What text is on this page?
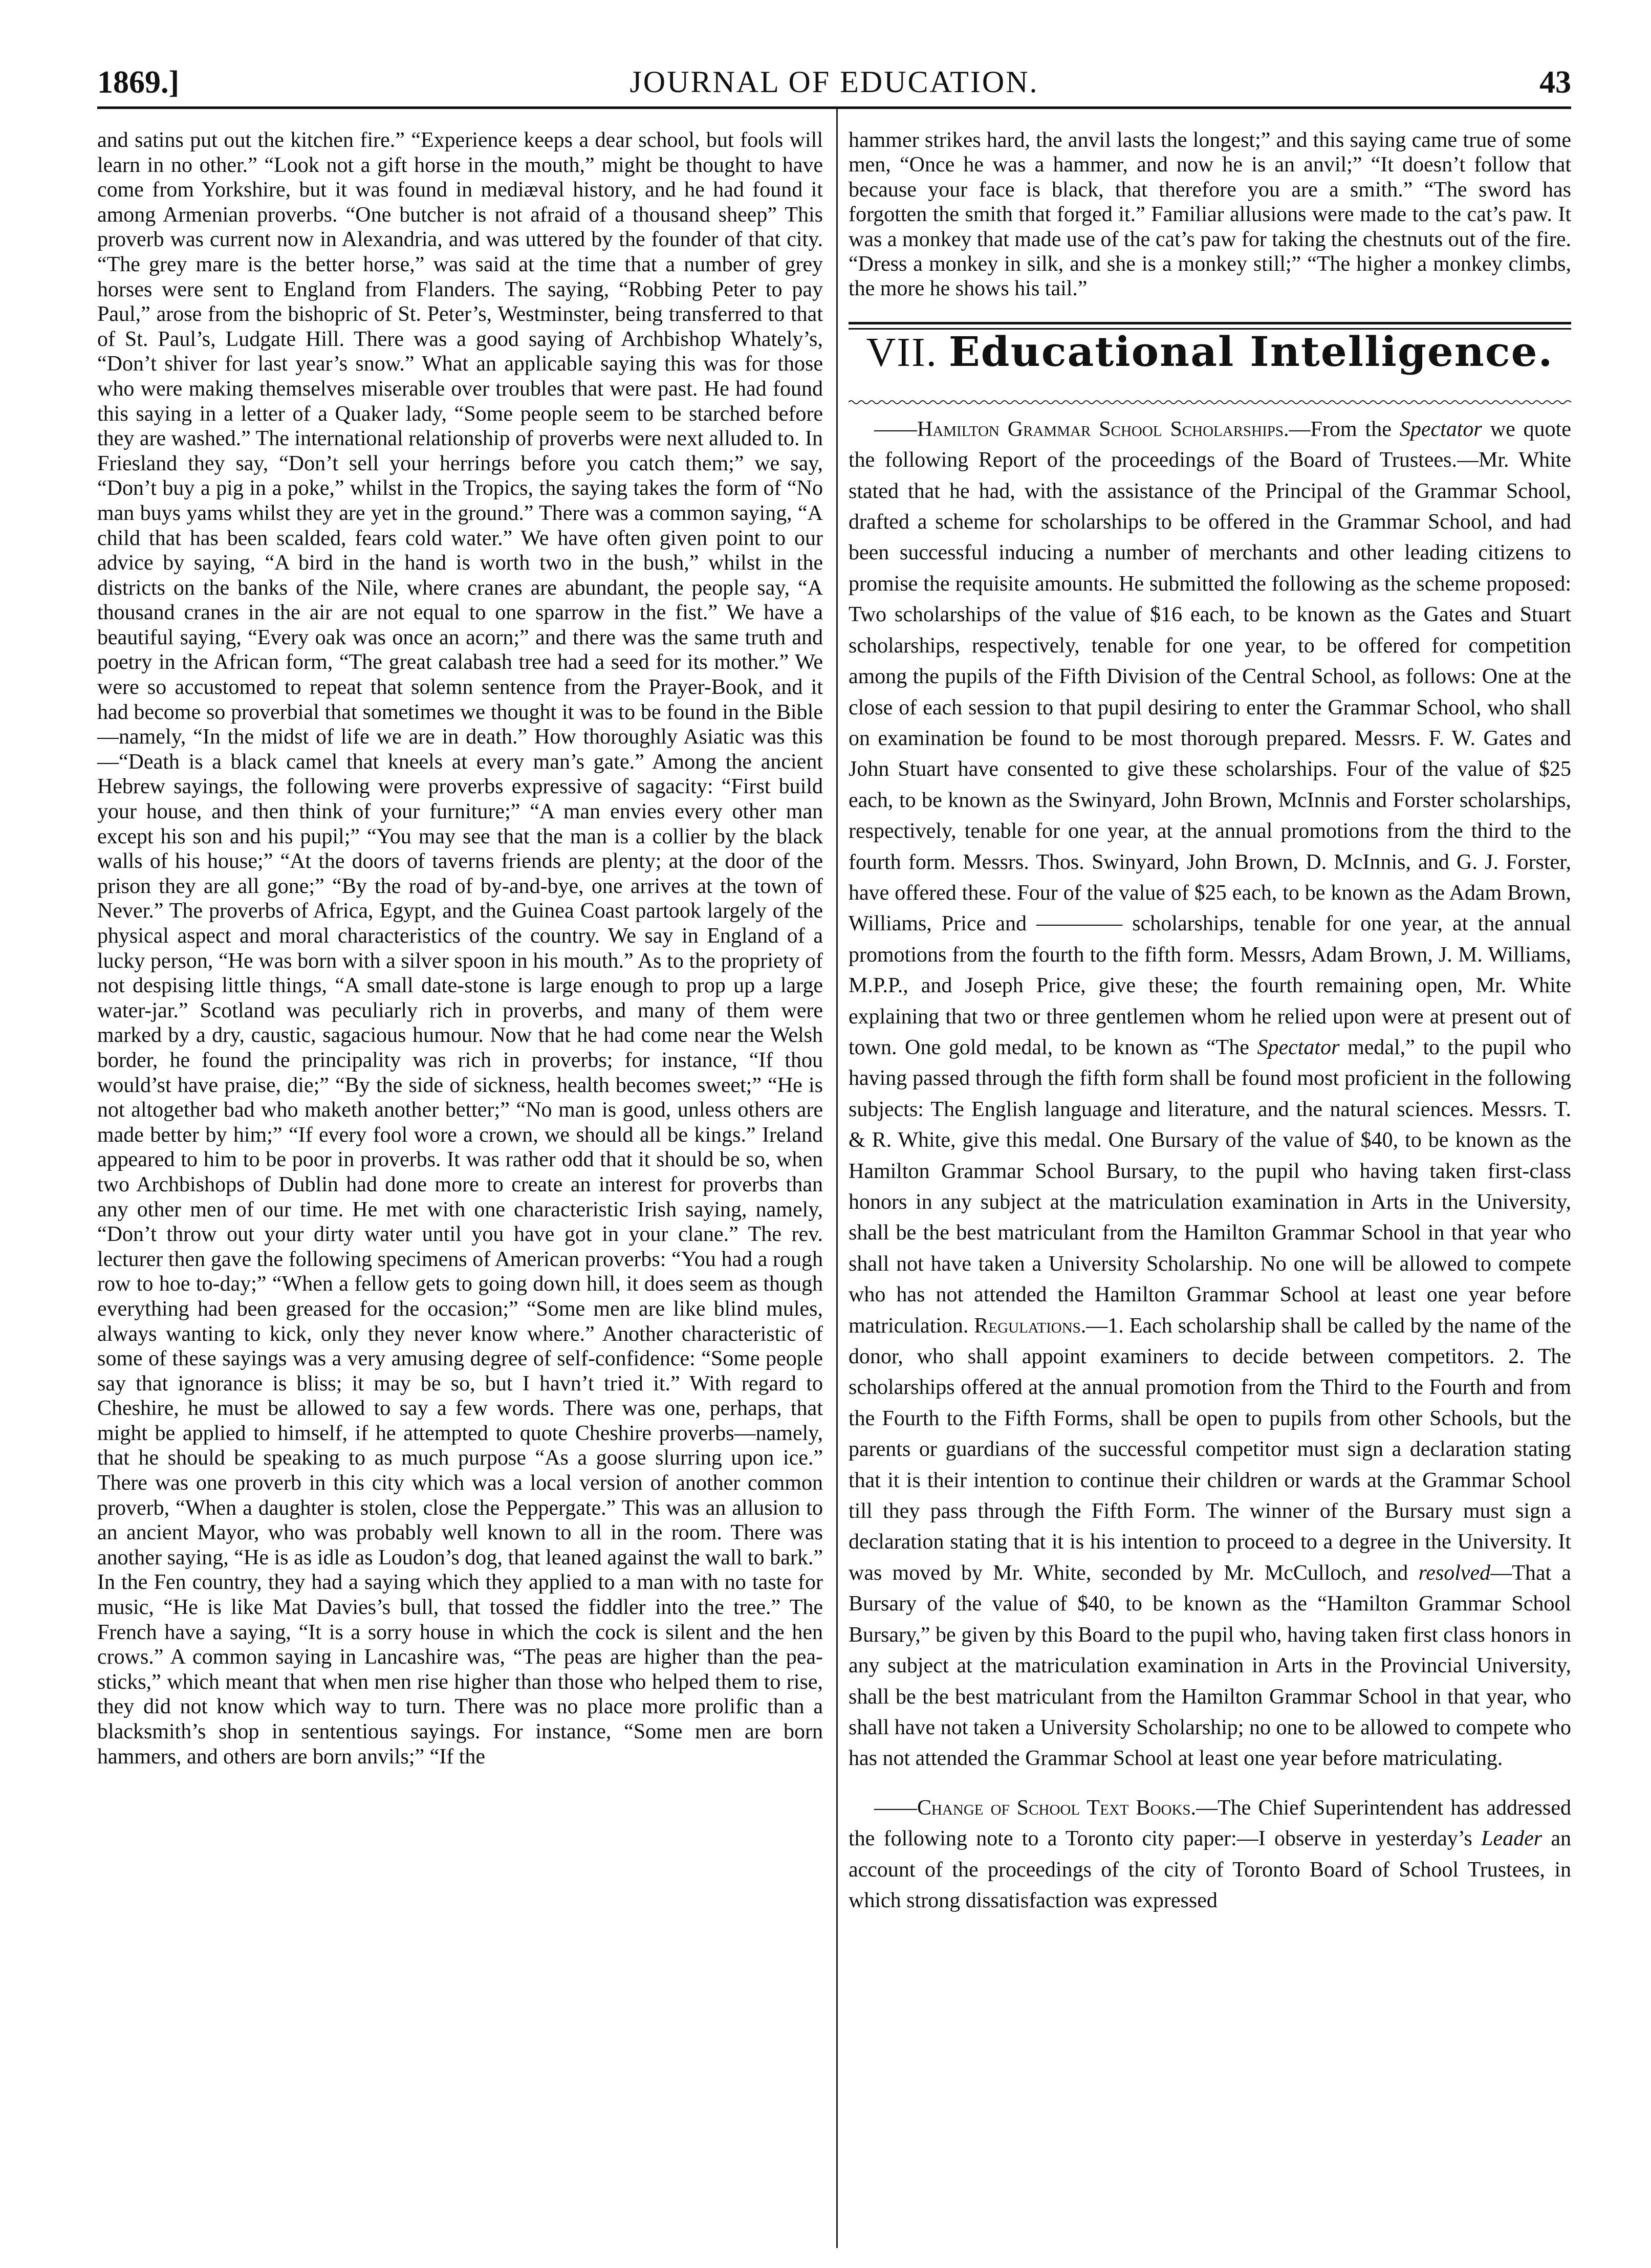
1869.]	JOURNAL OF EDUCATION.	43

and satins put out the kitchen fire.” “Experience keeps a dear school, but fools will learn in no other.” “Look not a gift horse in the mouth,” might be thought to have come from Yorkshire, but it was found in mediæval history, and he had found it among Armenian proverbs. “One butcher is not afraid of a thousand sheep” This proverb was current now in Alexandria, and was uttered by the founder of that city. “The grey mare is the better horse,” was said at the time that a number of grey horses were sent to England from Flanders. The saying, “Robbing Peter to pay Paul,” arose from the bishopric of St. Peter’s, Westminster, being transferred to that of St. Paul’s, Ludgate Hill. There was a good saying of Archbishop Whately’s, “Don’t shiver for last year’s snow.” What an applicable saying this was for those who were making themselves miserable over troubles that were past. He had found this saying in a letter of a Quaker lady, “Some people seem to be starched before they are washed.” The international relationship of proverbs were next alluded to. In Friesland they say, “Don’t sell your herrings before you catch them;” we say, “Don’t buy a pig in a poke,” whilst in the Tropics, the saying takes the form of “No man buys yams whilst they are yet in the ground.” There was a common saying, “A child that has been scalded, fears cold water.” We have often given point to our advice by saying, “A bird in the hand is worth two in the bush,” whilst in the districts on the banks of the Nile, where cranes are abundant, the people say, “A thousand cranes in the air are not equal to one sparrow in the fist.” We have a beautiful saying, “Every oak was once an acorn;” and there was the same truth and poetry in the African form, “The great calabash tree had a seed for its mother.” We were so accustomed to repeat that solemn sentence from the Prayer-Book, and it had become so proverbial that sometimes we thought it was to be found in the Bible—namely, “In the midst of life we are in death.” How thoroughly Asiatic was this—“Death is a black camel that kneels at every man’s gate.” Among the ancient Hebrew sayings, the following were proverbs expressive of sagacity: “First build your house, and then think of your furniture;” “A man envies every other man except his son and his pupil;” “You may see that the man is a collier by the black walls of his house;” “At the doors of taverns friends are plenty; at the door of the prison they are all gone;” “By the road of by-and-bye, one arrives at the town of Never.” The proverbs of Africa, Egypt, and the Guinea Coast partook largely of the physical aspect and moral characteristics of the country. We say in England of a lucky person, “He was born with a silver spoon in his mouth.” As to the propriety of not despising little things, “A small date-stone is large enough to prop up a large water-jar.” Scotland was peculiarly rich in proverbs, and many of them were marked by a dry, caustic, sagacious humour. Now that he had come near the Welsh border, he found the principality was rich in proverbs; for instance, “If thou would’st have praise, die;” “By the side of sickness, health becomes sweet;” “He is not altogether bad who maketh another better;” “No man is good, unless others are made better by him;” “If every fool wore a crown, we should all be kings.” Ireland appeared to him to be poor in proverbs. It was rather odd that it should be so, when two Archbishops of Dublin had done more to create an interest for proverbs than any other men of our time. He met with one characteristic Irish saying, namely, “Don’t throw out your dirty water until you have got in your clane.” The rev. lecturer then gave the following specimens of American proverbs: “You had a rough row to hoe to-day;” “When a fellow gets to going down hill, it does seem as though everything had been greased for the occasion;” “Some men are like blind mules, always wanting to kick, only they never know where.” Another characteristic of some of these sayings was a very amusing degree of self-confidence: “Some people say that ignorance is bliss; it may be so, but I havn’t tried it.” With regard to Cheshire, he must be allowed to say a few words. There was one, perhaps, that might be applied to himself, if he attempted to quote Cheshire proverbs—namely, that he should be speaking to as much purpose “As a goose slurring upon ice.” There was one proverb in this city which was a local version of another common proverb, “When a daughter is stolen, close the Peppergate.” This was an allusion to an ancient Mayor, who was probably well known to all in the room. There was another saying, “He is as idle as Loudon’s dog, that leaned against the wall to bark.” In the Fen country, they had a saying which they applied to a man with no taste for music, “He is like Mat Davies’s bull, that tossed the fiddler into the tree.” The French have a saying, “It is a sorry house in which the cock is silent and the hen crows.” A common saying in Lancashire was, “The peas are higher than the pea-sticks,” which meant that when men rise higher than those who helped them to rise, they did not know which way to turn. There was no place more prolific than a blacksmith’s shop in sententious sayings. For instance, “Some men are born hammers, and others are born anvils;” “If the

hammer strikes hard, the anvil lasts the longest;” and this saying came true of some men, “Once he was a hammer, and now he is an anvil;” “It doesn’t follow that because your face is black, that therefore you are a smith.” “The sword has forgotten the smith that forged it.” Familiar allusions were made to the cat’s paw. It was a monkey that made use of the cat’s paw for taking the chestnuts out of the fire. “Dress a monkey in silk, and she is a monkey still;” “The higher a monkey climbs, the more he shows his tail.”

VII. Educational Intelligence.

——Hamilton Grammar School Scholarships.—From the Spectator we quote the following Report of the proceedings of the Board of Trustees.—Mr. White stated that he had, with the assistance of the Principal of the Grammar School, drafted a scheme for scholarships to be offered in the Grammar School, and had been successful inducing a number of merchants and other leading citizens to promise the requisite amounts. He submitted the following as the scheme proposed: Two scholarships of the value of $16 each, to be known as the Gates and Stuart scholarships, respectively, tenable for one year, to be offered for competition among the pupils of the Fifth Division of the Central School, as follows: One at the close of each session to that pupil desiring to enter the Grammar School, who shall on examination be found to be most thorough prepared. Messrs. F. W. Gates and John Stuart have consented to give these scholarships. Four of the value of $25 each, to be known as the Swinyard, John Brown, McInnis and Forster scholarships, respectively, tenable for one year, at the annual promotions from the third to the fourth form. Messrs. Thos. Swinyard, John Brown, D. McInnis, and G. J. Forster, have offered these. Four of the value of $25 each, to be known as the Adam Brown, Williams, Price and ———— scholarships, tenable for one year, at the annual promotions from the fourth to the fifth form. Messrs, Adam Brown, J. M. Williams, M.P.P., and Joseph Price, give these; the fourth remaining open, Mr. White explaining that two or three gentlemen whom he relied upon were at present out of town. One gold medal, to be known as “The Spectator medal,” to the pupil who having passed through the fifth form shall be found most proficient in the following subjects: The English language and literature, and the natural sciences. Messrs. T. & R. White, give this medal. One Bursary of the value of $40, to be known as the Hamilton Grammar School Bursary, to the pupil who having taken first-class honors in any subject at the matriculation examination in Arts in the University, shall be the best matriculant from the Hamilton Grammar School in that year who shall not have taken a University Scholarship. No one will be allowed to compete who has not attended the Hamilton Grammar School at least one year before matriculation. Regulations.—1. Each scholarship shall be called by the name of the donor, who shall appoint examiners to decide between competitors. 2. The scholarships offered at the annual promotion from the Third to the Fourth and from the Fourth to the Fifth Forms, shall be open to pupils from other Schools, but the parents or guardians of the successful competitor must sign a declaration stating that it is their intention to continue their children or wards at the Grammar School till they pass through the Fifth Form. The winner of the Bursary must sign a declaration stating that it is his intention to proceed to a degree in the University. It was moved by Mr. White, seconded by Mr. McCulloch, and resolved—That a Bursary of the value of $40, to be known as the “Hamilton Grammar School Bursary,” be given by this Board to the pupil who, having taken first class honors in any subject at the matriculation examination in Arts in the Provincial University, shall be the best matriculant from the Hamilton Grammar School in that year, who shall have not taken a University Scholarship; no one to be allowed to compete who has not attended the Grammar School at least one year before matriculating.

——Change of School Text Books.—The Chief Superintendent has addressed the following note to a Toronto city paper:—I observe in yesterday’s Leader an account of the proceedings of the city of Toronto Board of School Trustees, in which strong dissatisfaction was expressed
